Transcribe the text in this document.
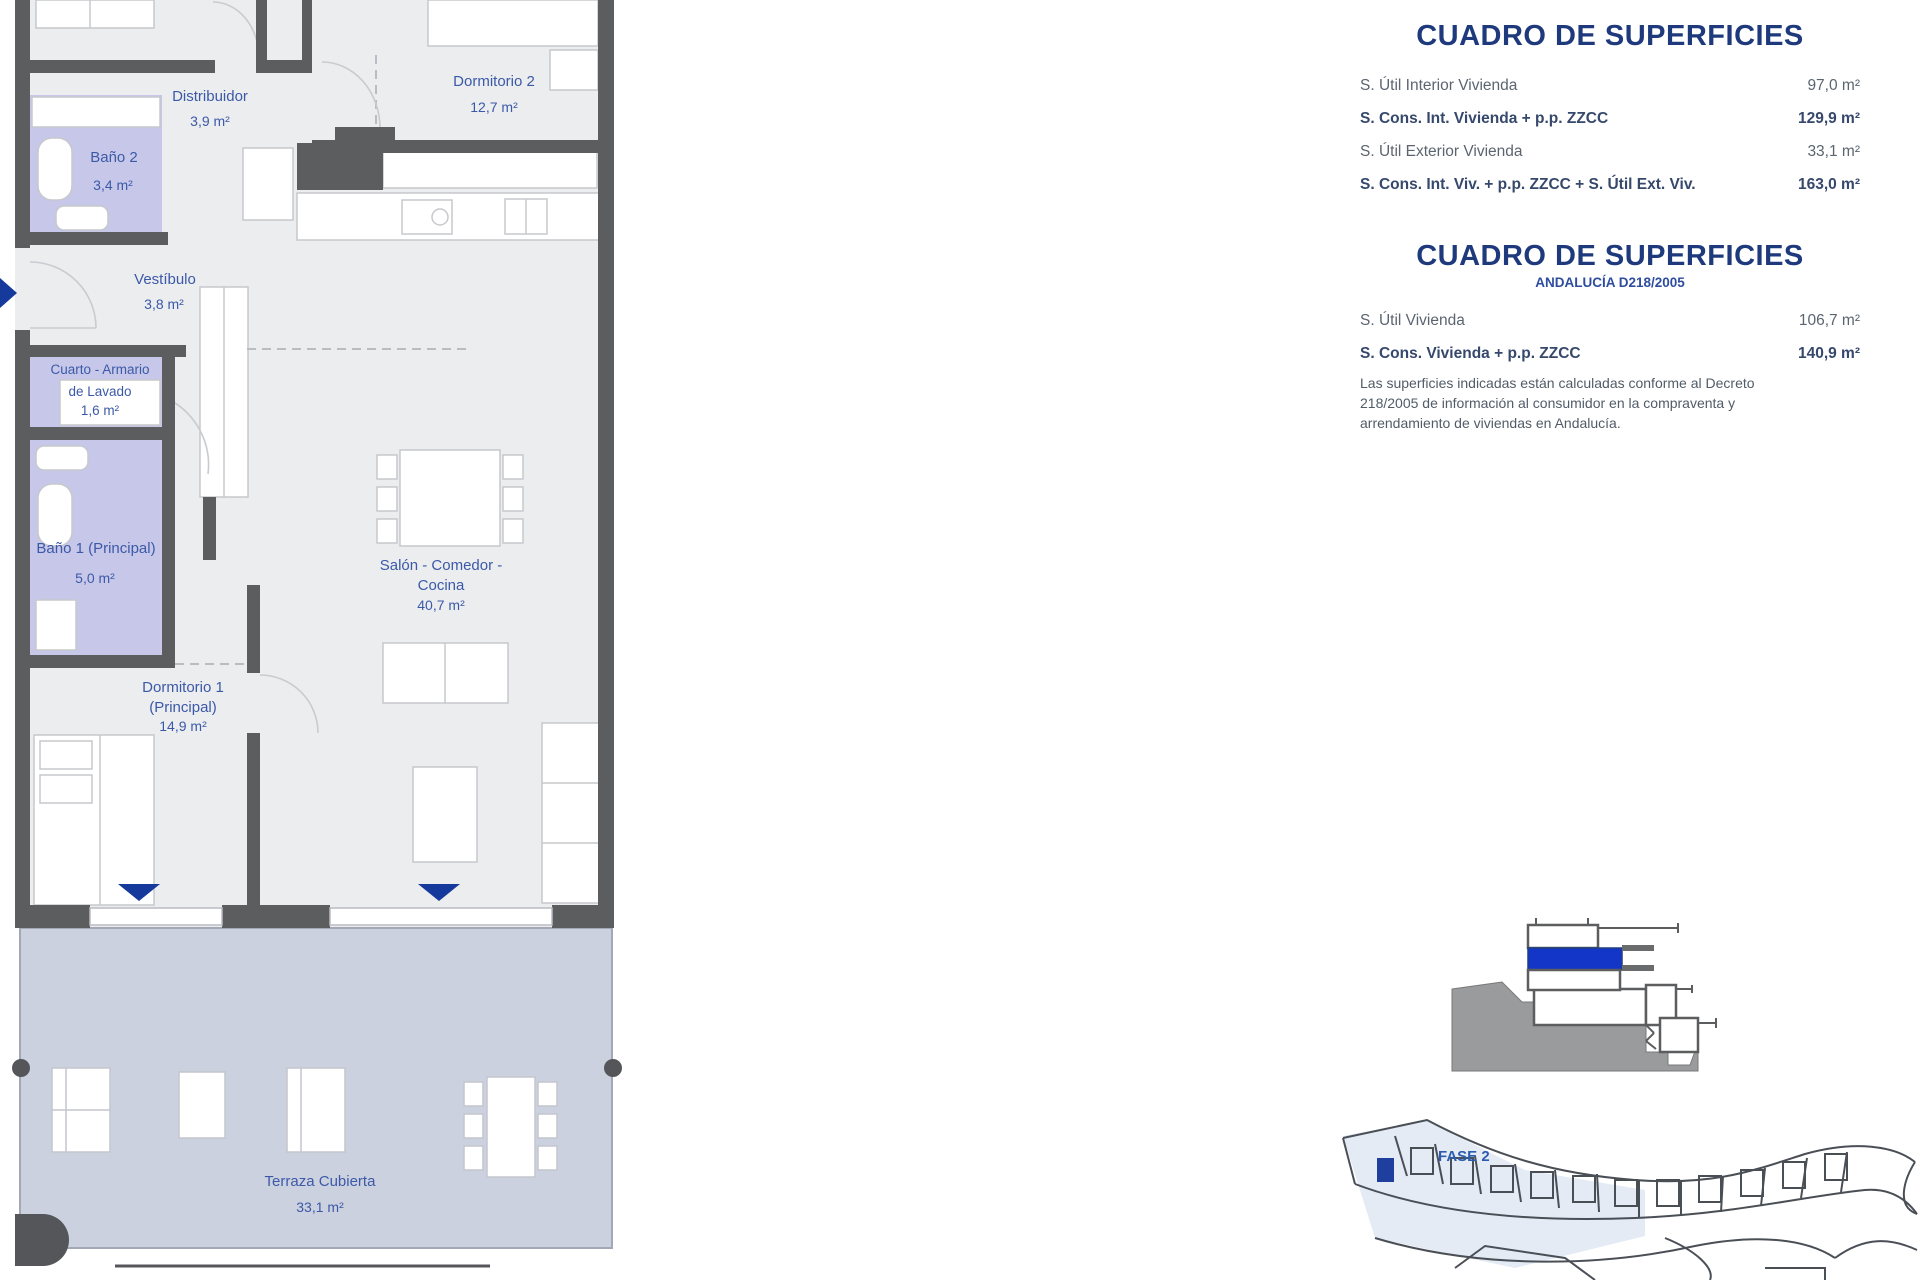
Distribuidor
3,9 m²
Dormitorio 2
12,7 m²
Baño 2
3,4 m²
Vestíbulo
3,8 m²
Cuarto - Armario
de Lavado
1,6 m²
Baño 1 (Principal)
5,0 m²
Dormitorio 1
(Principal)
14,9 m²
Salón - Comedor -
Cocina
40,7 m²
Terraza Cubierta
33,1 m²
CUADRO DE SUPERFICIES
S. Útil Interior Vivienda	97,0 m²
S. Cons. Int. Vivienda + p.p. ZZCC	129,9 m²
S. Útil Exterior Vivienda	33,1 m²
S. Cons. Int. Viv. + p.p. ZZCC + S. Útil Ext. Viv.	163,0 m²
CUADRO DE SUPERFICIES
ANDALUCÍA D218/2005
S. Útil Vivienda	106,7 m²
S. Cons. Vivienda + p.p. ZZCC	140,9 m²
Las superficies indicadas están calculadas conforme al Decreto
218/2005 de información al consumidor en la compraventa y
arrendamiento de viviendas en Andalucía.
FASE 2
